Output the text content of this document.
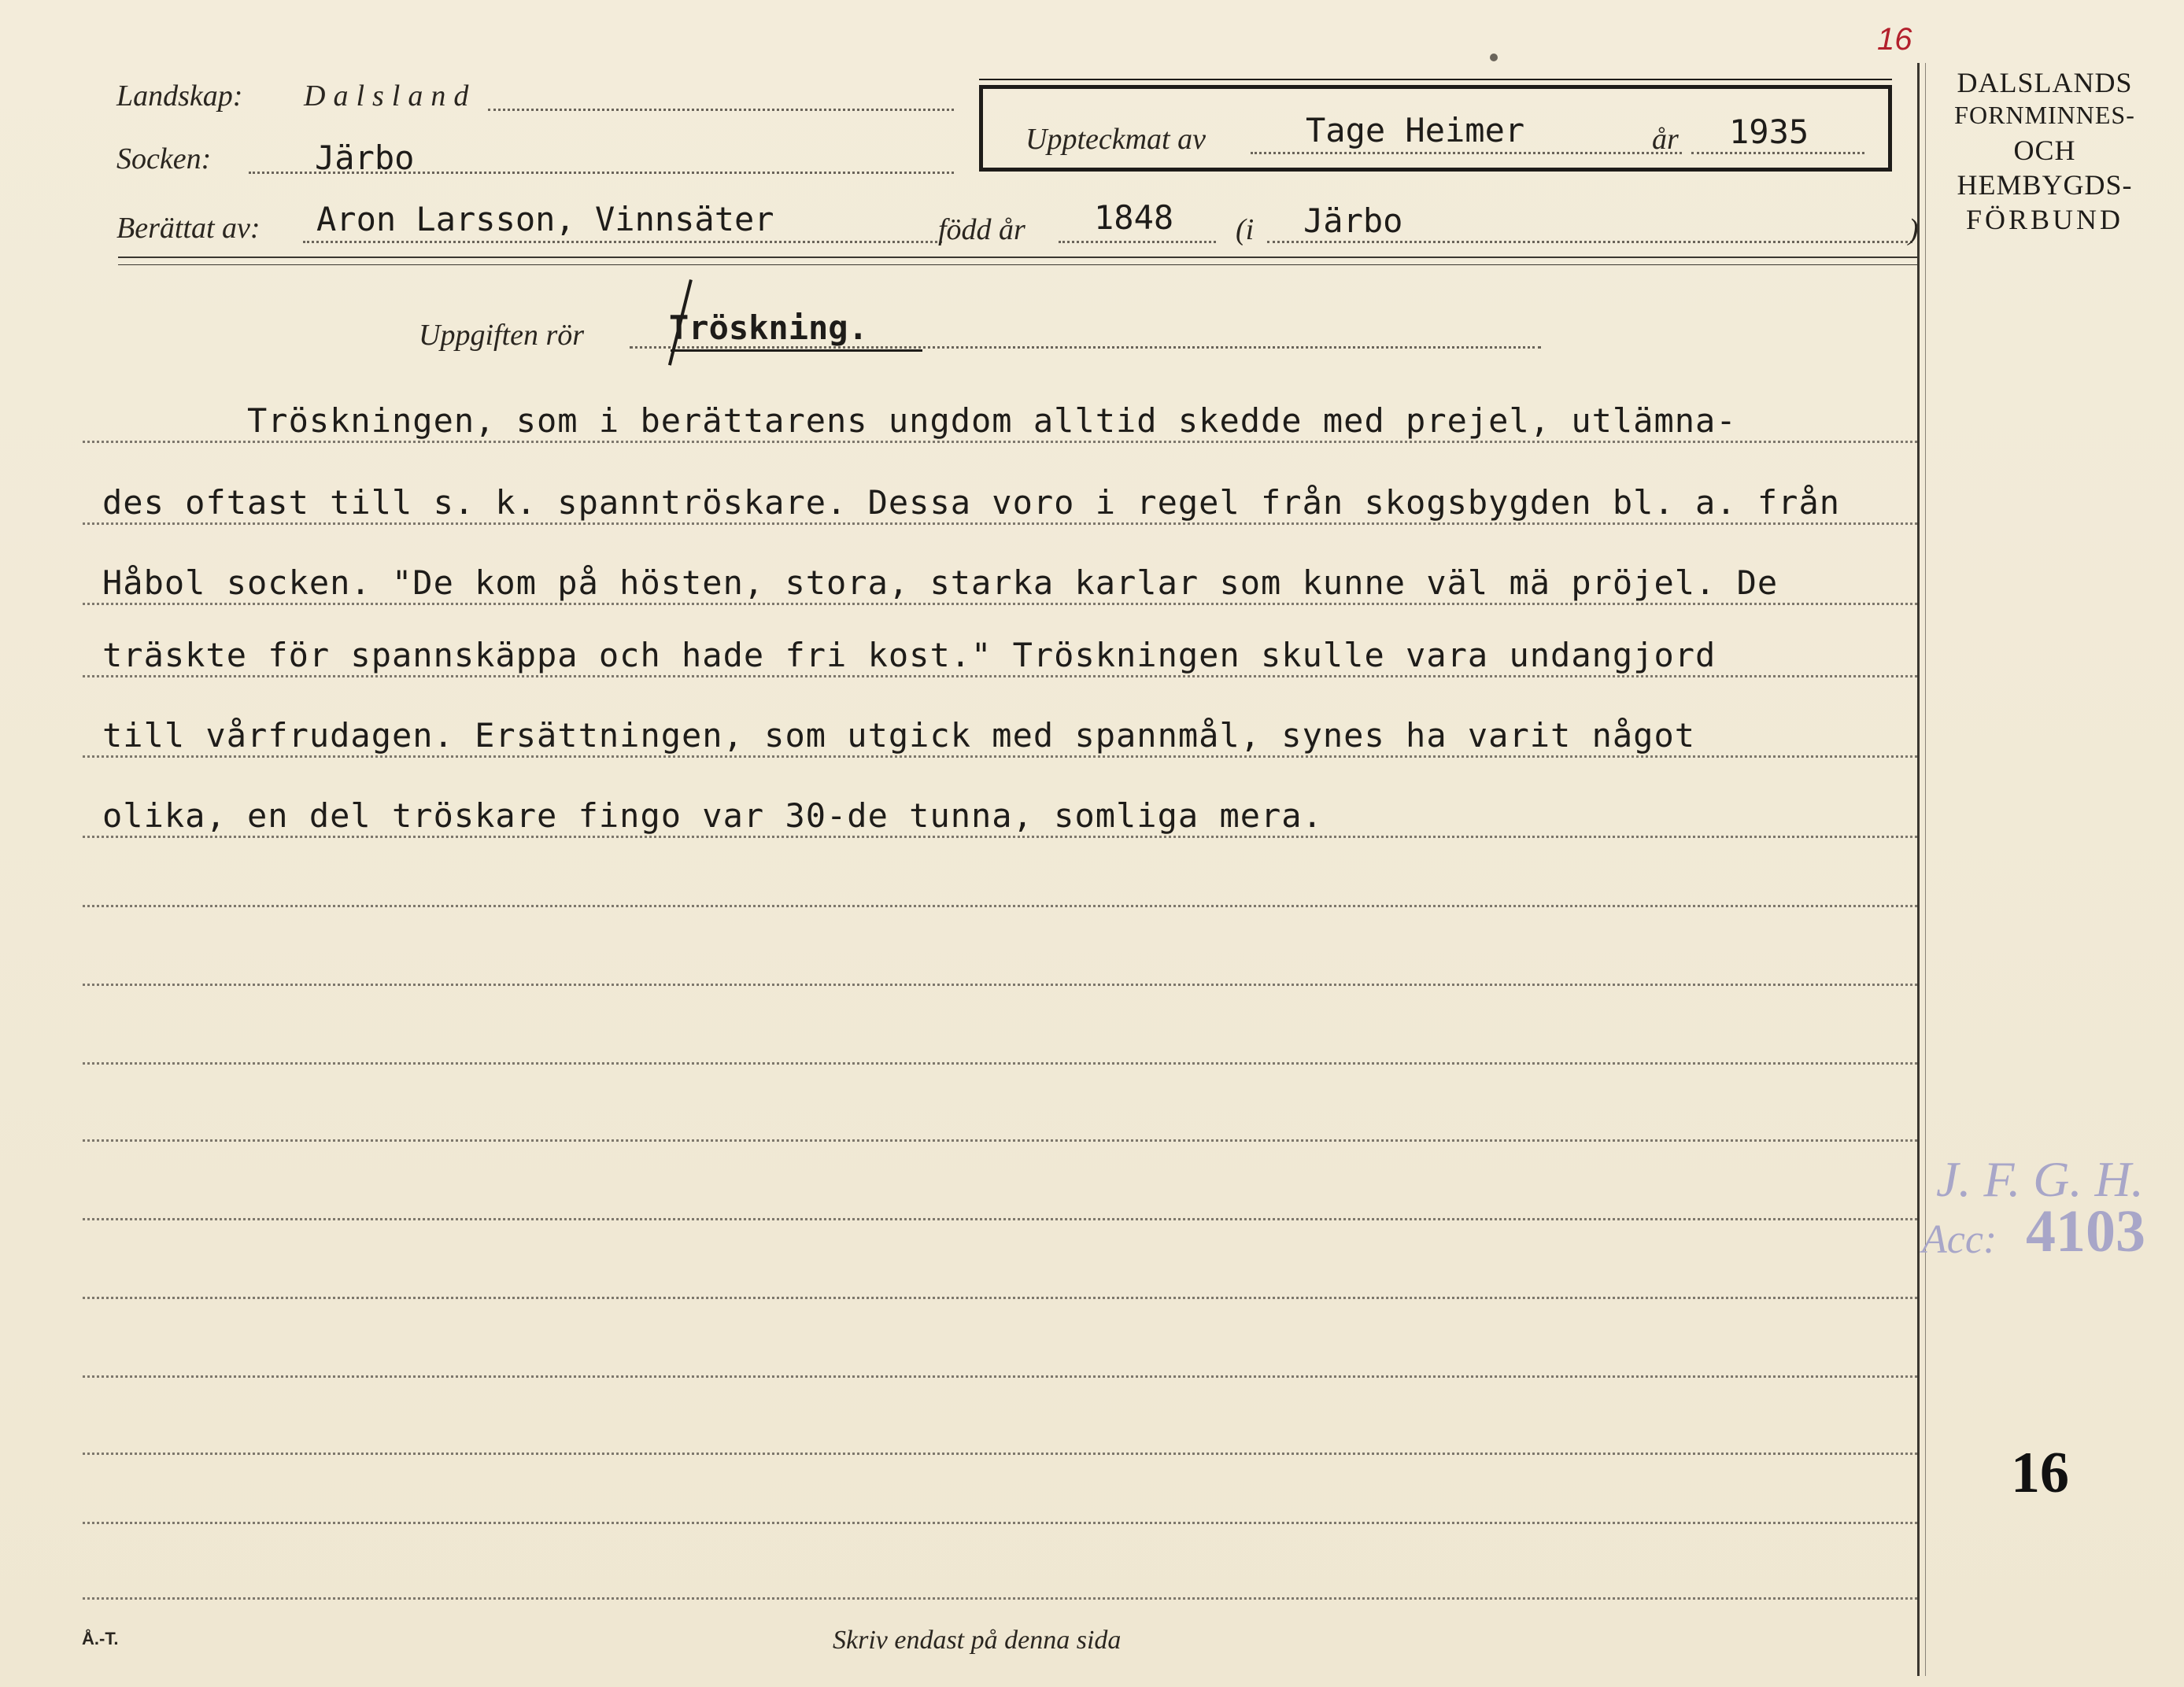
16
Landskap: Dalsland
Socken:	Järbo
Berättat av: Aron Larsson, Vinnsäter	född år 1848 (i Järbo	)
Uppteckmat av	Tage Heimer	år 1935
DALSLANDS
FORNMINNES-
OCH
HEMBYGDS-
FÖRBUND
Uppgiften rör	Tröskning.
Tröskningen, som i berättarens ungdom alltid skedde med prejel, utlämna-
des oftast till s. k. spanntröskare. Dessa voro i regel från skogsbygden bl. a. från
Håbol socken. "De kom på hösten, stora, starka karlar som kunne väl mä pröjel. De
träskte för spannskäppa och hade fri kost." Tröskningen skulle vara undangjord
till vårfrudagen. Ersättningen, som utgick med spannmål, synes ha varit något
olika, en del tröskare fingo var 30-de tunna, somliga mera.
J. F. G. H.
Acc: 4103
16
Å.-T.	Skriv endast på denna sida
